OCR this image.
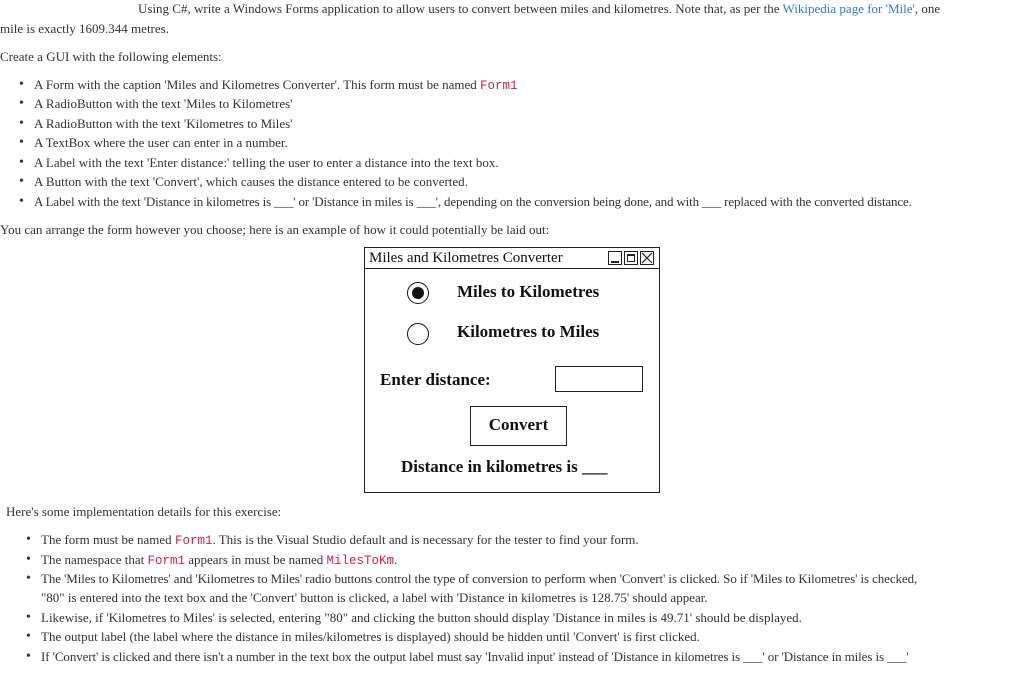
Using C#, write a Windows Forms application to allow users to convert between miles and kilometres. Note that, as per the Wikipedia page for 'Mile', one
mile is exactly 1609.344 metres.
Create a GUI with the following elements:
• A Form with the caption 'Miles and Kilometres Converter'. This form must be named Form1
• A RadioButton with the text 'Miles to Kilometres'
• A RadioButton with the text 'Kilometres to Miles'
• A TextBox where the user can enter in a number.
• A Label with the text 'Enter distance:' telling the user to enter a distance into the text box.
• A Button with the text 'Convert', which causes the distance entered to be converted.
• A Label with the text 'Distance in kilometres is ___' or 'Distance in miles is ___', depending on the conversion being done, and with ___ replaced with the converted distance.
You can arrange the form however you choose; here is an example of how it could potentially be laid out:
Miles and Kilometres Converter
Miles to Kilometres
Kilometres to Miles
Enter distance:
Convert
Distance in kilometres is ___
Here's some implementation details for this exercise:
• The form must be named Form1. This is the Visual Studio default and is necessary for the tester to find your form.
• The namespace that Form1 appears in must be named MilesToKm.
• The 'Miles to Kilometres' and 'Kilometres to Miles' radio buttons control the type of conversion to perform when 'Convert' is clicked. So if 'Miles to Kilometres' is checked,
"80" is entered into the text box and the 'Convert' button is clicked, a label with 'Distance in kilometres is 128.75' should appear.
• Likewise, if 'Kilometres to Miles' is selected, entering "80" and clicking the button should display 'Distance in miles is 49.71' should be displayed.
• The output label (the label where the distance in miles/kilometres is displayed) should be hidden until 'Convert' is first clicked.
• If 'Convert' is clicked and there isn't a number in the text box the output label must say 'Invalid input' instead of 'Distance in kilometres is ___' or 'Distance in miles is ___'
